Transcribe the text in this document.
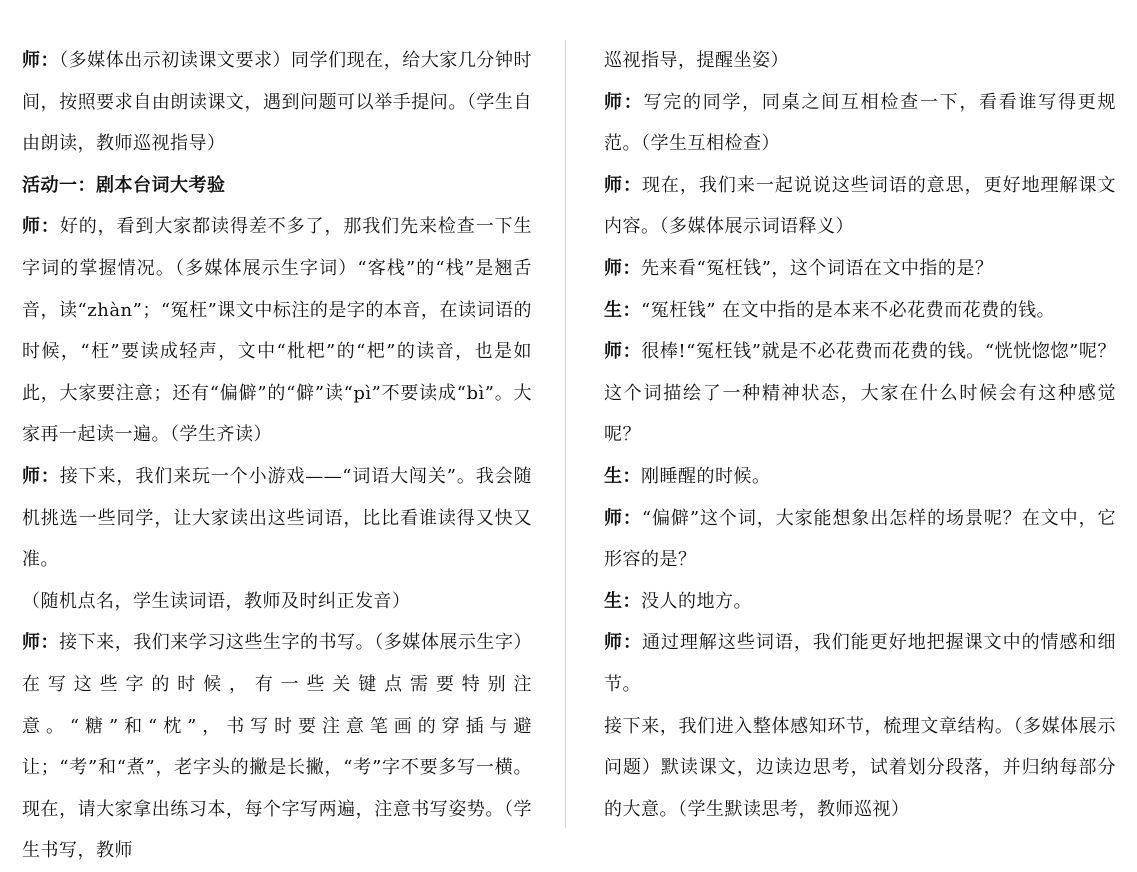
师：（多媒体出示初读课文要求）同学们现在，给大家几分钟时间，按照要求自由朗读课文，遇到问题可以举手提问。（学生自由朗读，教师巡视指导）

活动一：剧本台词大考验

师：好的，看到大家都读得差不多了，那我们先来检查一下生字词的掌握情况。（多媒体展示生字词）“客栈”的“栈”是翘舌音，读“zhàn”；“冤枉”课文中标注的是字的本音，在读词语的时候，“枉”要读成轻声，文中“枇杷”的“杷”的读音，也是如此，大家要注意；还有“偏僻”的“僻”读“pì”不要读成“bì”。大家再一起读一遍。（学生齐读）

师：接下来，我们来玩一个小游戏——“词语大闯关”。我会随机挑选一些同学，让大家读出这些词语，比比看谁读得又快又准。

（随机点名，学生读词语，教师及时纠正发音）

师：接下来，我们来学习这些生字的书写。（多媒体展示生字）在写这些字的时候，有一些关键点需要特别注意。“糖”和“枕”，书写时要注意笔画的穿插与避让；“考”和“煮”，老字头的撇是长撇，“考”字不要多写一横。现在，请大家拿出练习本，每个字写两遍，注意书写姿势。（学生书写，教师

巡视指导，提醒坐姿）

师：写完的同学，同桌之间互相检查一下，看看谁写得更规范。（学生互相检查）

师：现在，我们来一起说说这些词语的意思，更好地理解课文内容。（多媒体展示词语释义）

师：先来看“冤枉钱”，这个词语在文中指的是？

生：“冤枉钱” 在文中指的是本来不必花费而花费的钱。

师：很棒!“冤枉钱”就是不必花费而花费的钱。“恍恍惚惚”呢？这个词描绘了一种精神状态，大家在什么时候会有这种感觉呢？

生：刚睡醒的时候。

师：“偏僻”这个词，大家能想象出怎样的场景呢？在文中，它形容的是？

生：没人的地方。

师：通过理解这些词语，我们能更好地把握课文中的情感和细节。

接下来，我们进入整体感知环节，梳理文章结构。（多媒体展示问题）默读课文，边读边思考，试着划分段落，并归纳每部分的大意。（学生默读思考，教师巡视）
